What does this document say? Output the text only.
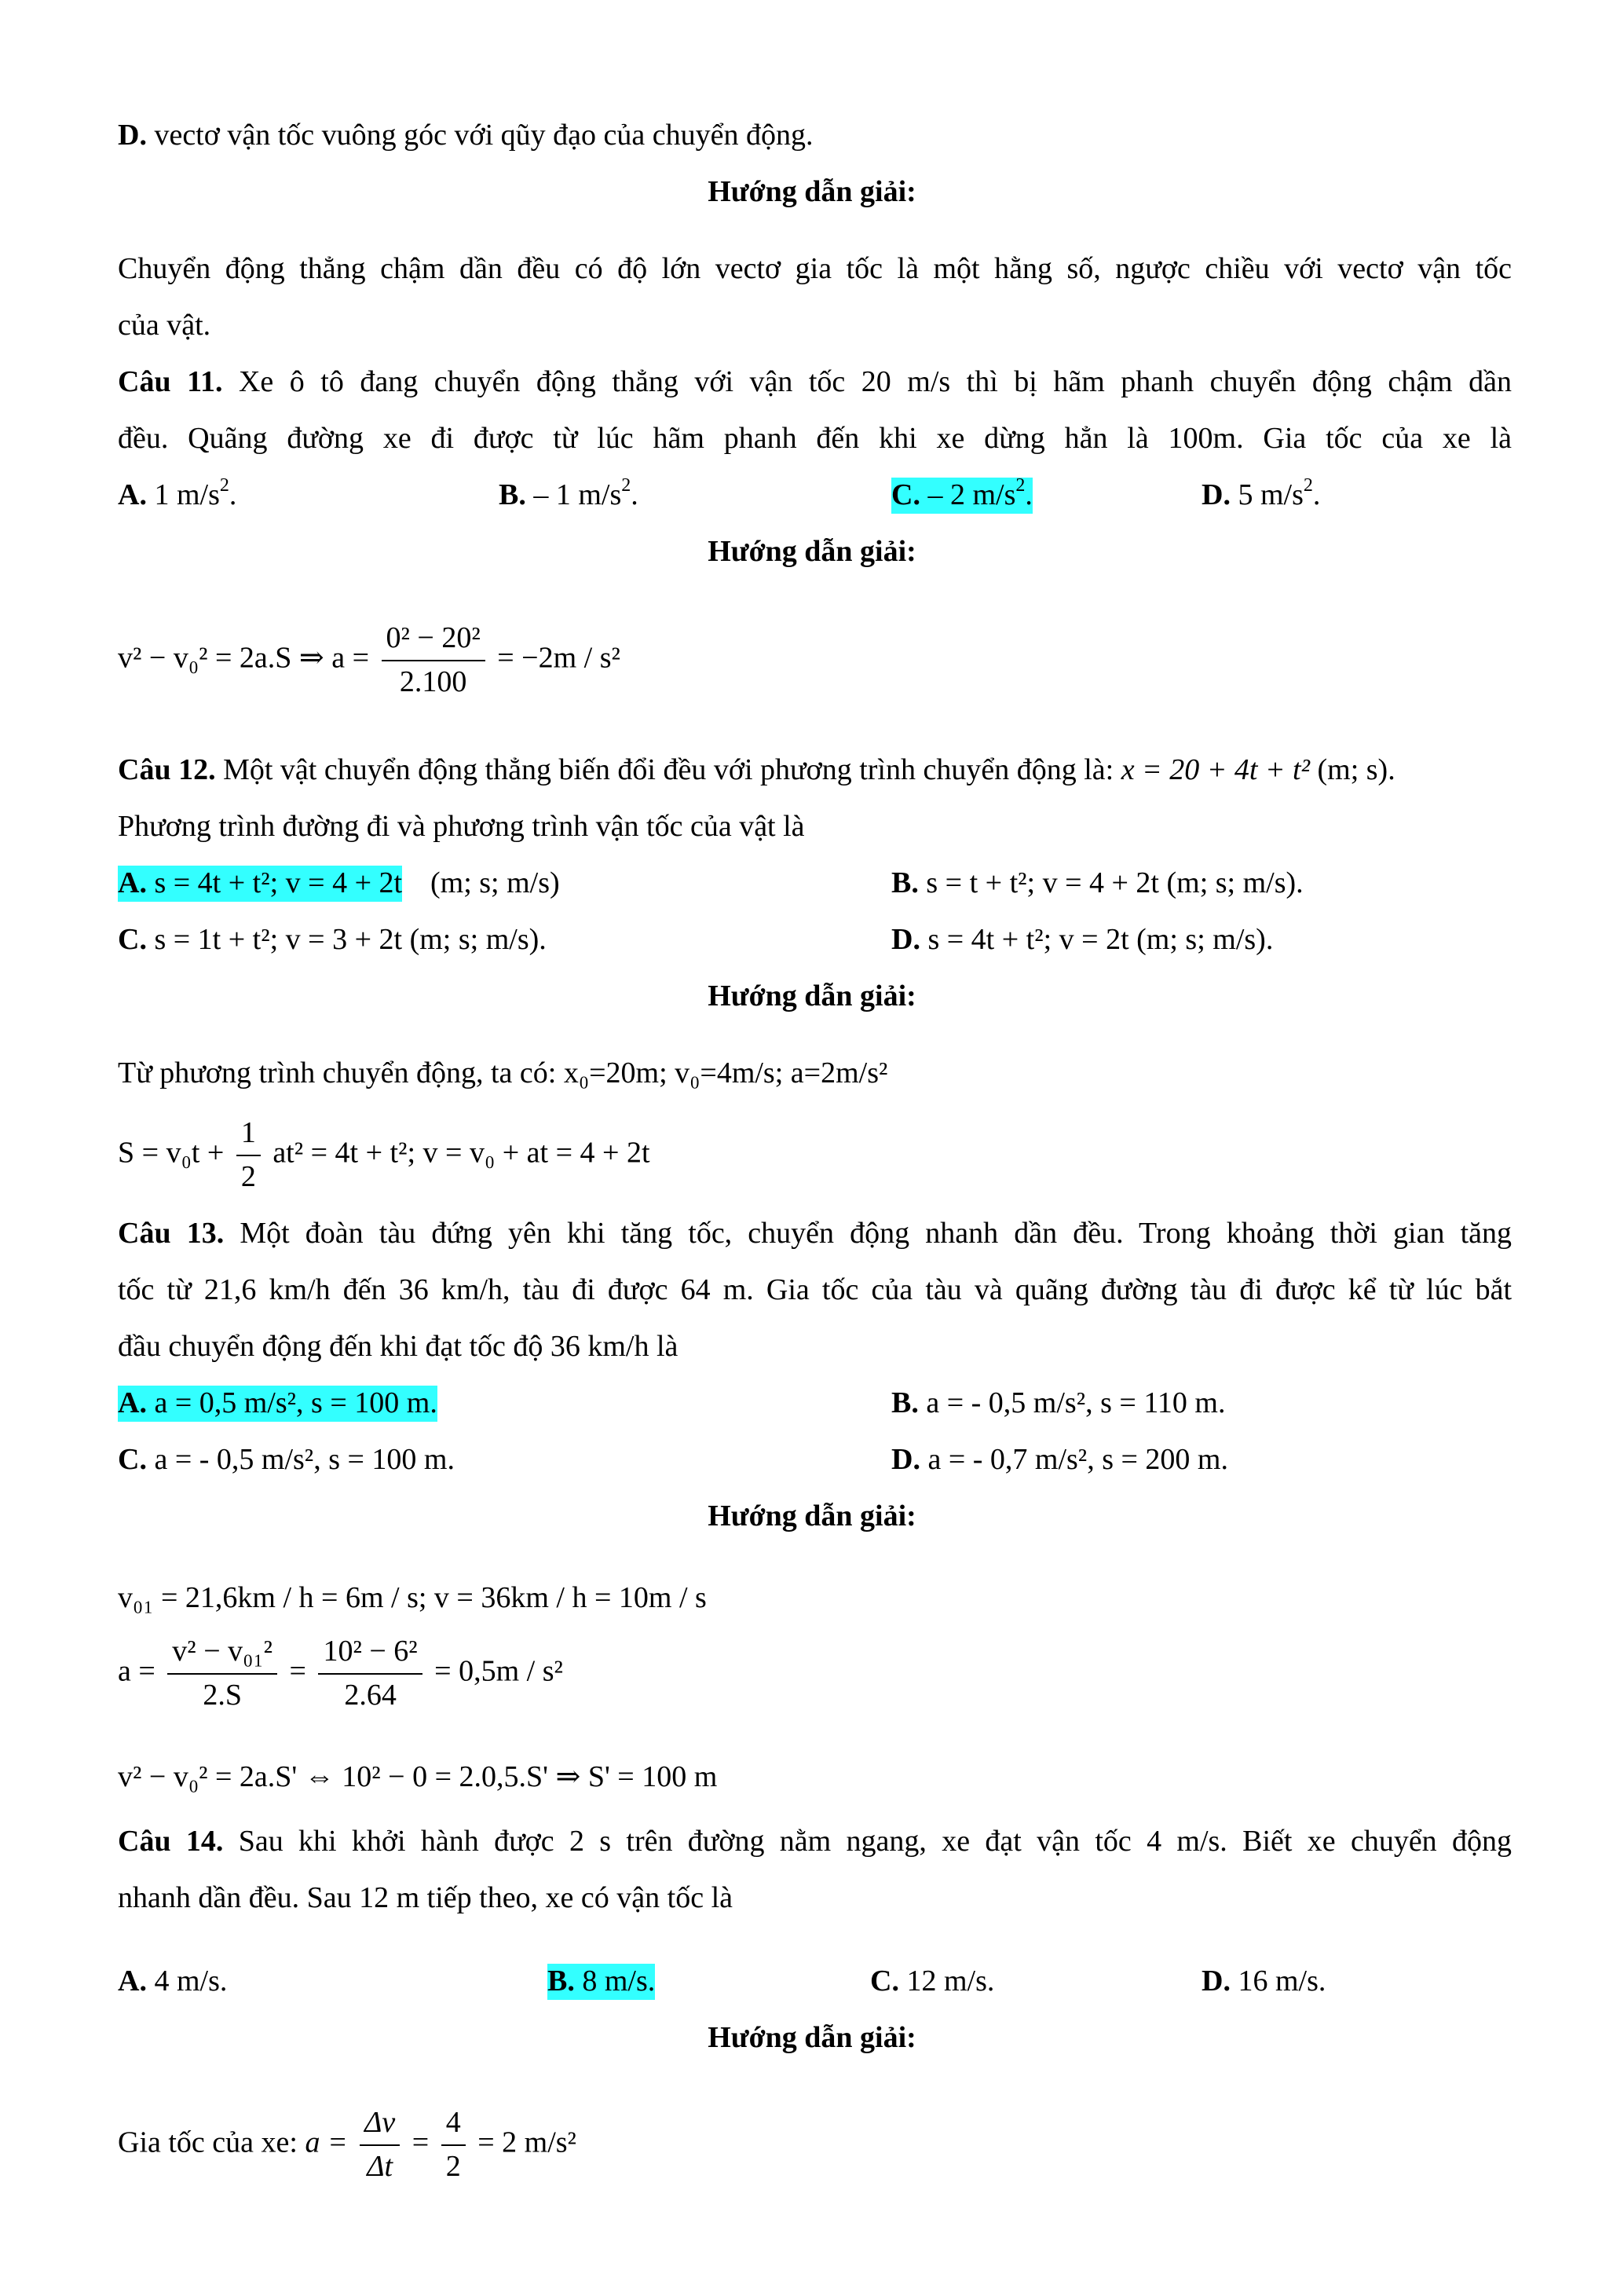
D. vectơ vận tốc vuông góc với qũy đạo của chuyển động.
Hướng dẫn giải:
Chuyển động thẳng chậm dần đều có độ lớn vectơ gia tốc là một hằng số, ngược chiều với vectơ vận tốc
của vật.
Câu 11. Xe ô tô đang chuyển động thẳng với vận tốc 20 m/s thì bị hãm phanh chuyển động chậm dần
đều. Quãng đường xe đi được từ lúc hãm phanh đến khi xe dừng hẳn là 100m. Gia tốc của xe là
A. 1 $m/s^2$.	B. – 1 $m/s^2$.	C. – 2 $m/s^2$.	D. 5 $m/s^2$.
Hướng dẫn giải:
v² − v₀² = 2a.S ⇒ $a = \frac{\text{0² − 20²}}{2.100} = -2m / s^2$
Câu 12. Một vật chuyển động thẳng biến đổi đều với phương trình chuyển động là: x = 20 + 4t + t² (m; s).
Phương trình đường đi và phương trình vận tốc của vật là
A. s = 4t + t²; v = 4 + 2t (m; s; m/s)	B. s = t + t²; v = 4 + 2t (m; s; m/s).
C. s = 1t + t²; v = 3 + 2t (m; s; m/s).	D. s = 4t + t²; v = 2t (m; s; m/s).
Hướng dẫn giải:
Từ phương trình chuyển động, ta có: x₀=20m; v₀=4m/s; a=2m/s²
$S = v_0t + \frac{1}{2} at^2 = 4t + t^2$; v = v₀ + at = 4 + 2t
Câu 13. Một đoàn tàu đứng yên khi tăng tốc, chuyển động nhanh dần đều. Trong khoảng thời gian tăng
tốc từ 21,6 km/h đến 36 km/h, tàu đi được 64 m. Gia tốc của tàu và quãng đường tàu đi được kể từ lúc bắt
đầu chuyển động đến khi đạt tốc độ 36 km/h là
A. a = 0,5 m/s², s = 100 m.	B. a = - 0,5 m/s², s = 110 m.
C. a = - 0,5 m/s², s = 100 m.	D. a = - 0,7 m/s², s = 200 m.
Hướng dẫn giải:
v₀₁ = 21,6km / h = 6m / s; v = 36km / h = 10m / s
$a = \frac{\text{v² − v₀₁²}}{2.S} = \frac{\text{10² − 6²}}{2.64} = 0,5m / s^2$
v² − v₀² = 2a.S' ⇔ 10² − 0 = 2.0,5.S' ⇒ S' = 100 m
Câu 14. Sau khi khởi hành được 2 s trên đường nằm ngang, xe đạt vận tốc 4 m/s. Biết xe chuyển động
nhanh dần đều. Sau 12 m tiếp theo, xe có vận tốc là
A. 4 m/s.	B. 8 m/s.	C. 12 m/s.	D. 16 m/s.
Hướng dẫn giải:
Gia tốc của xe: $a = \frac{\Delta v}{\Delta t} = \frac{4}{2} = 2$ m/s²
